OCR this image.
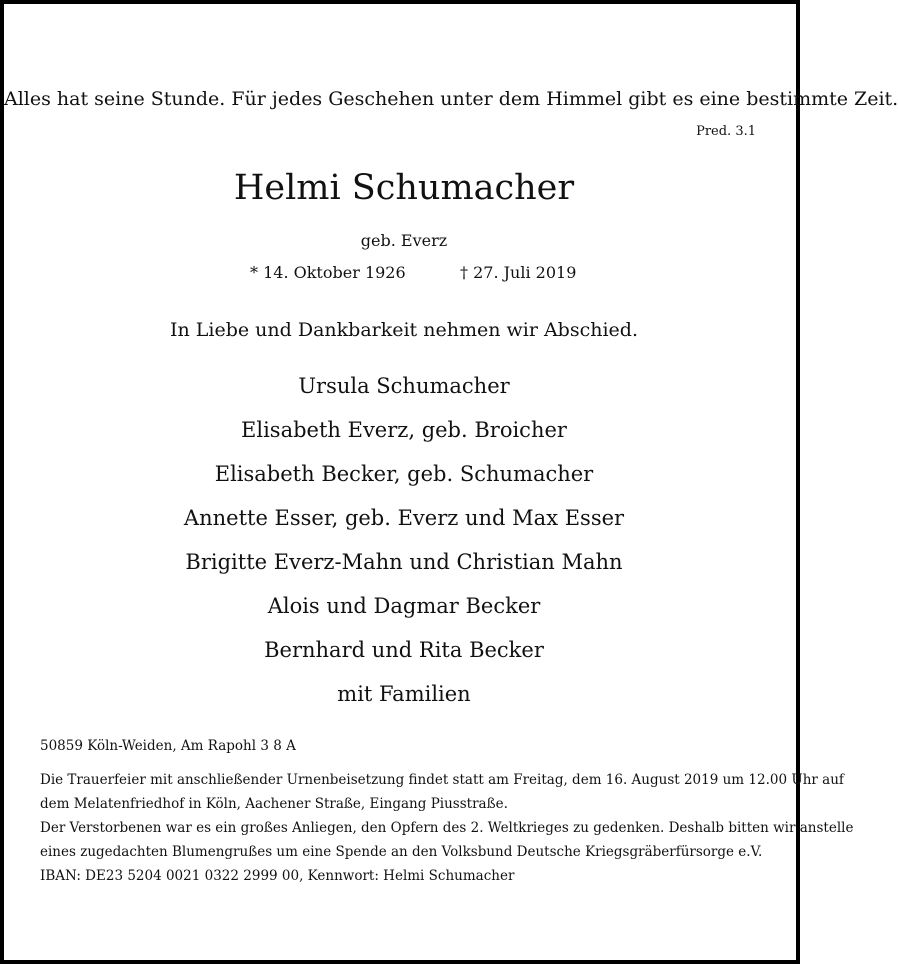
Alles hat seine Stunde. Für jedes Geschehen unter dem Himmel gibt es eine bestimmte Zeit.
Pred. 3.1
Helmi Schumacher
geb. Everz
* 14. Oktober 1926	† 27. Juli 2019
In Liebe und Dankbarkeit nehmen wir Abschied.
Ursula Schumacher
Elisabeth Everz, geb. Broicher
Elisabeth Becker, geb. Schumacher
Annette Esser, geb. Everz und Max Esser
Brigitte Everz-Mahn und Christian Mahn
Alois und Dagmar Becker
Bernhard und Rita Becker
mit Familien
50859 Köln-Weiden, Am Rapohl 3 8 A

Die Trauerfeier mit anschließender Urnenbeisetzung findet statt am Freitag, dem 16. August 2019 um 12.00 Uhr auf

dem Melatenfriedhof in Köln, Aachener Straße, Eingang Piusstraße.

Der Verstorbenen war es ein großes Anliegen, den Opfern des 2. Weltkrieges zu gedenken. Deshalb bitten wir anstelle

eines zugedachten Blumengrußes um eine Spende an den Volksbund Deutsche Kriegsgräberfürsorge e.V.

IBAN: DE23 5204 0021 0322 2999 00, Kennwort: Helmi Schumacher
